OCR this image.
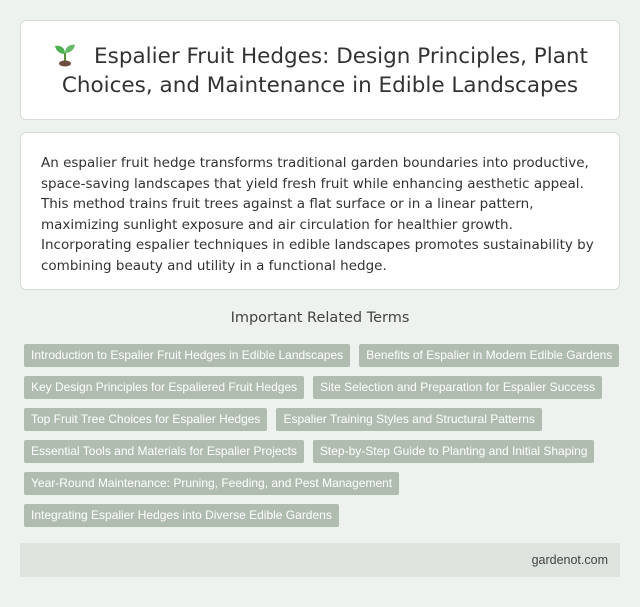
Espalier Fruit Hedges: Design Principles, Plant Choices, and Maintenance in Edible Landscapes

An espalier fruit hedge transforms traditional garden boundaries into productive, space-saving landscapes that yield fresh fruit while enhancing aesthetic appeal. This method trains fruit trees against a flat surface or in a linear pattern, maximizing sunlight exposure and air circulation for healthier growth. Incorporating espalier techniques in edible landscapes promotes sustainability by combining beauty and utility in a functional hedge.

Important Related Terms
Introduction to Espalier Fruit Hedges in Edible Landscapes	Benefits of Espalier in Modern Edible Gardens
Key Design Principles for Espaliered Fruit Hedges	Site Selection and Preparation for Espalier Success
Top Fruit Tree Choices for Espalier Hedges	Espalier Training Styles and Structural Patterns
Essential Tools and Materials for Espalier Projects	Step-by-Step Guide to Planting and Initial Shaping
Year-Round Maintenance: Pruning, Feeding, and Pest Management
Integrating Espalier Hedges into Diverse Edible Gardens
gardenot.com
